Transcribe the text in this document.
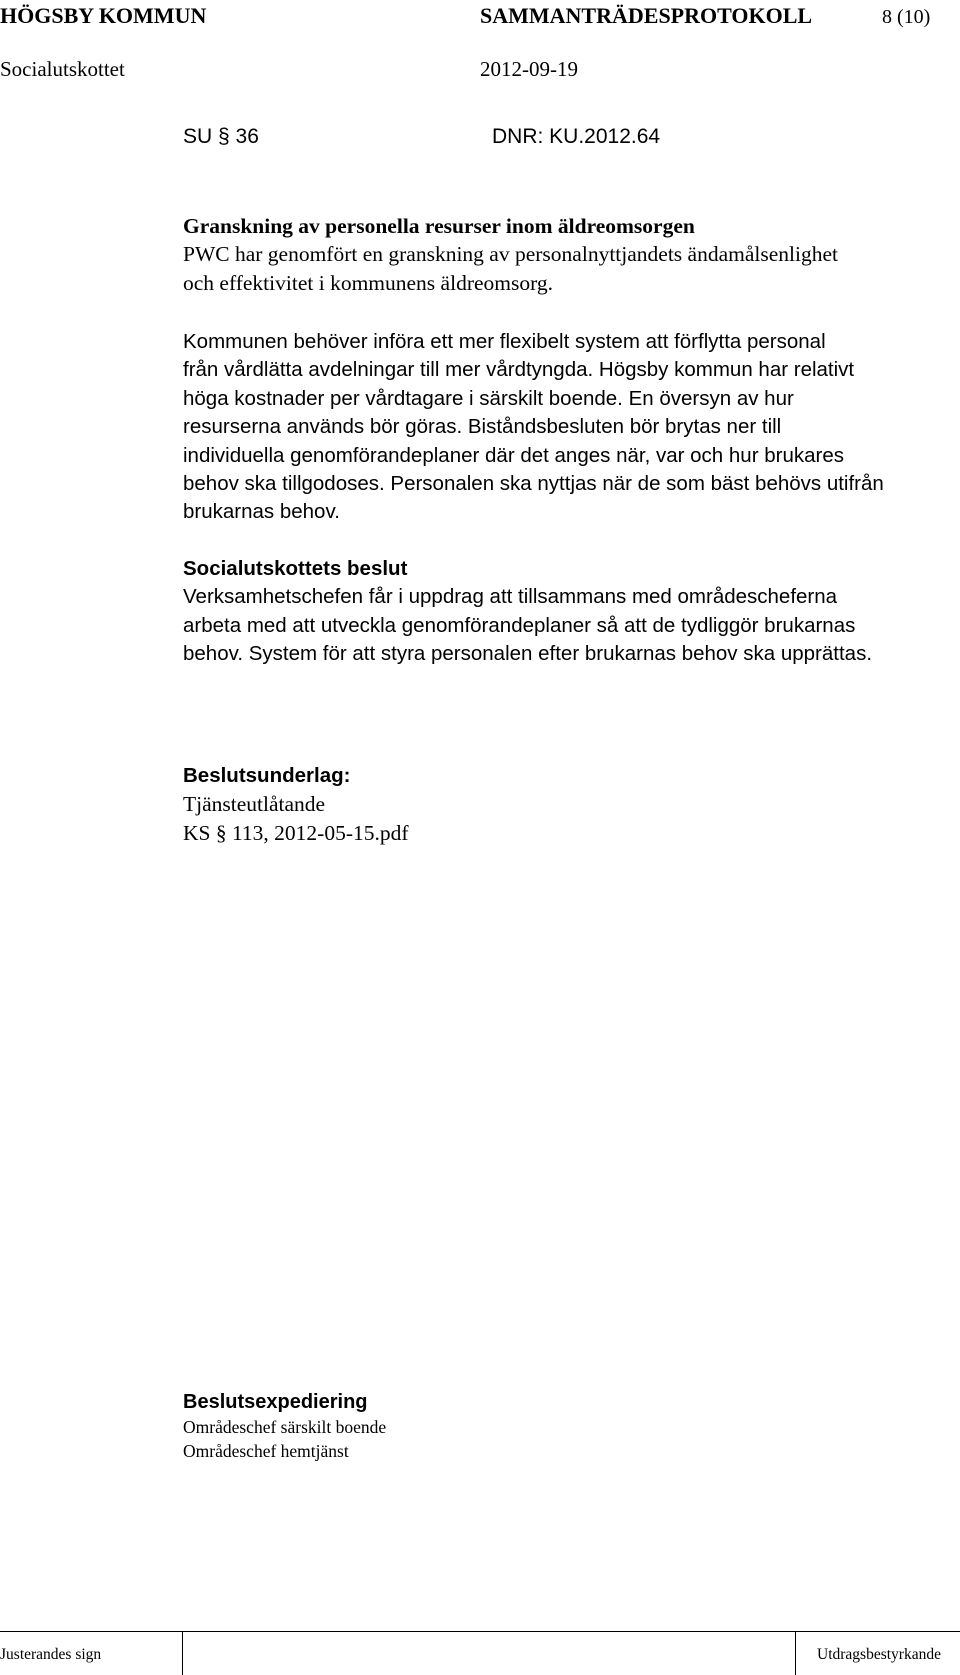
HÖGSBY KOMMUN	SAMMANTRÄDESPROTOKOLL	8 (10)
Socialutskottet	2012-09-19
SU § 36	DNR: KU.2012.64
Granskning av personella resurser inom äldreomsorgen
PWC har genomfört en granskning av personalnyttjandets ändamålsenlighet
och effektivitet i kommunens äldreomsorg.
Kommunen behöver införa ett mer flexibelt system att förflytta personal
från vårdlätta avdelningar till mer vårdtyngda. Högsby kommun har relativt
höga kostnader per vårdtagare i särskilt boende. En översyn av hur
resurserna används bör göras. Biståndsbesluten bör brytas ner till
individuella genomförandeplaner där det anges när, var och hur brukares
behov ska tillgodoses. Personalen ska nyttjas när de som bäst behövs utifrån
brukarnas behov.
Socialutskottets beslut
Verksamhetschefen får i uppdrag att tillsammans med områdescheferna
arbeta med att utveckla genomförandeplaner så att de tydliggör brukarnas
behov. System för att styra personalen efter brukarnas behov ska upprättas.
Beslutsunderlag:
Tjänsteutlåtande
KS § 113, 2012-05-15.pdf
Beslutsexpediering
Områdeschef särskilt boende
Områdeschef hemtjänst
Justerandes sign	Utdragsbestyrkande
